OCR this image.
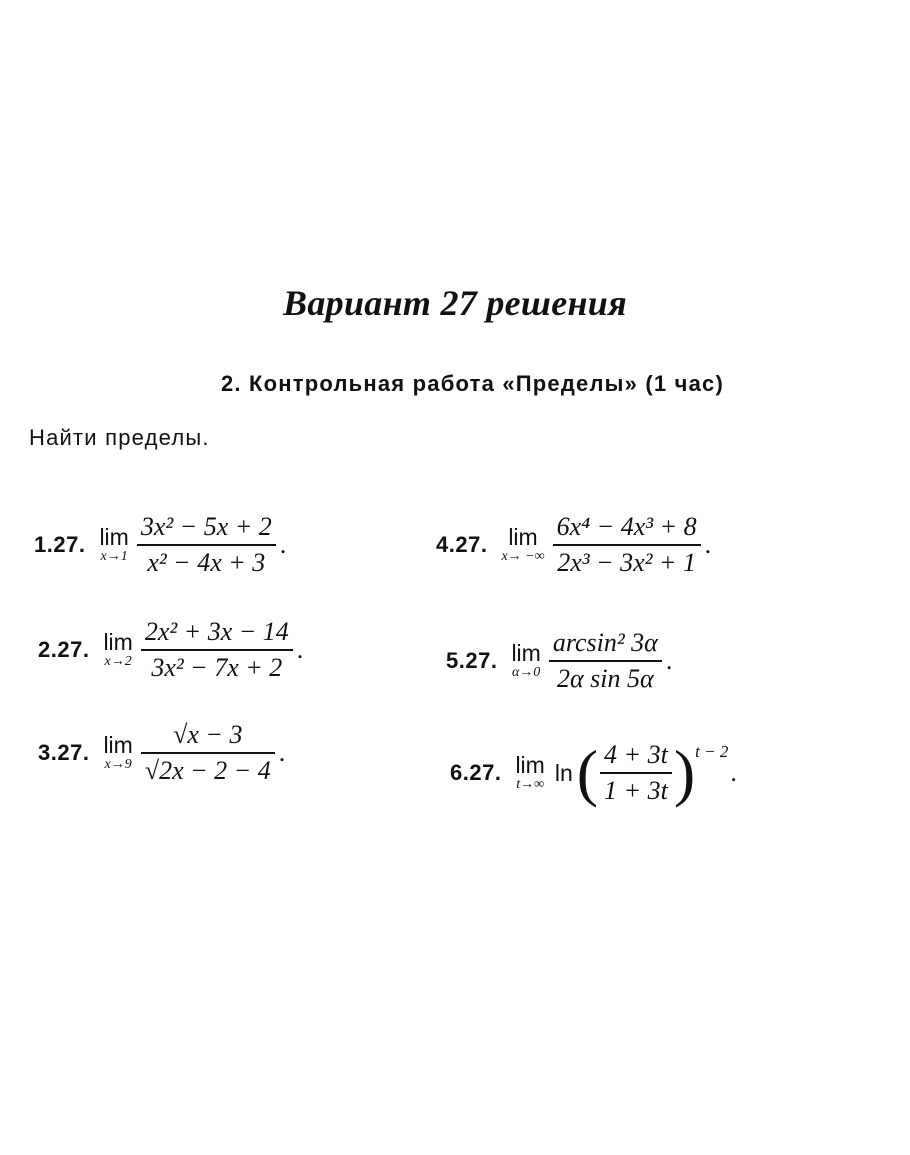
Вариант 27 решения
2. Контрольная работа «Пределы» (1 час)
Найти пределы.
1.27. lim
$x\to 1 \frac{\text{3x² − 5x + 2}}{\text{x² − 4x + 3}}$ .
2.27. lim
$x\to 2 \frac{\text{2x² + 3x − 14}}{\text{3x² − 7x + 2}}$ .
3.27. lim
$x\to 9 \frac{√x - 3}{√2x - 2 - 4}$ .
4.27. lim
x→ −∞ $\frac{\text{6x⁴ − 4x³ + 8}}{\text{2x³ − 3x² + 1}}$ .
5.27. lim
$\alpha\to 0 \frac{\text{arcsin² 3α}}{\text{2α sin 5α}}$ .
6.27. lim
t→∞ ln ( $\frac{4 + 3t}{1 + 3t}$ ) t − 2
.
